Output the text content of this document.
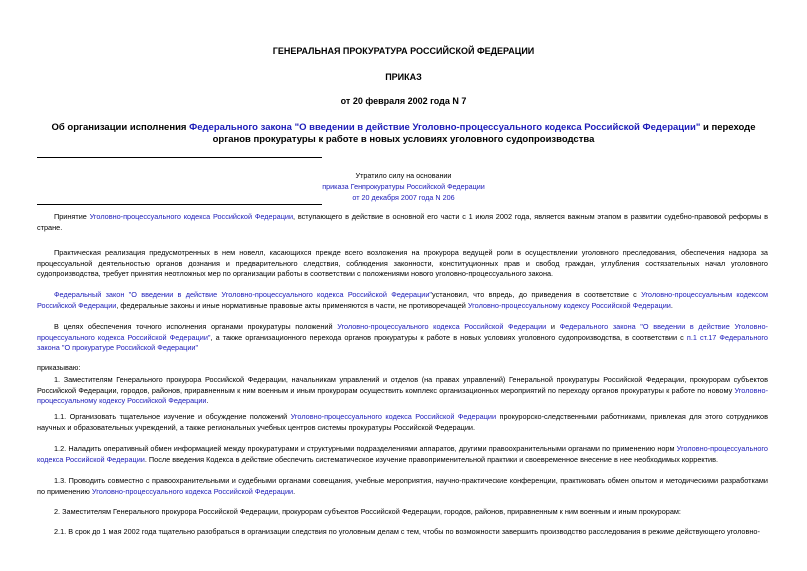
ГЕНЕРАЛЬНАЯ ПРОКУРАТУРА РОССИЙСКОЙ ФЕДЕРАЦИИ
ПРИКАЗ
от 20 февраля 2002 года N 7
Об организации исполнения Федерального закона "О введении в действие Уголовно-процессуального кодекса Российской Федерации" и переходе органов прокуратуры к работе в новых условиях уголовного судопроизводства
Утратило силу на основании
приказа Генпрокуратуры Российской Федерации
от 20 декабря 2007 года N 206

Принятие Уголовно-процессуального кодекса Российской Федерации, вступающего в действие в основной его части с 1 июля 2002 года, является важным этапом в развитии судебно-правовой реформы в стране.

Практическая реализация предусмотренных в нем новелл, касающихся прежде всего возложения на прокурора ведущей роли в осуществлении уголовного преследования, обеспечения надзора за процессуальной деятельностью органов дознания и предварительного следствия, соблюдения законности, конституционных прав и свобод граждан, углубления состязательных начал уголовного судопроизводства, требует принятия неотложных мер по организации работы в соответствии с положениями нового уголовно-процессуального закона.

Федеральный закон "О введении в действие Уголовно-процессуального кодекса Российской Федерации"установил, что впредь, до приведения в соответствие с Уголовно-процессуальным кодексом Российской Федерации, федеральные законы и иные нормативные правовые акты применяются в части, не противоречащей Уголовно-процессуальному кодексу Российской Федерации.

В целях обеспечения точного исполнения органами прокуратуры положений Уголовно-процессуального кодекса Российской Федерации и Федерального закона "О введении в действие Уголовно-процессуального кодекса Российской Федерации", а также организационного перехода органов прокуратуры к работе в новых условиях уголовного судопроизводства, в соответствии с п.1 ст.17 Федерального закона "О прокуратуре Российской Федерации"

приказываю:

1. Заместителям Генерального прокурора Российской Федерации, начальникам управлений и отделов (на правах управлений) Генеральной прокуратуры Российской Федерации, прокурорам субъектов Российской Федерации, городов, районов, приравненным к ним военным и иным прокурорам осуществить комплекс организационных мероприятий по переходу органов прокуратуры к работе по новому Уголовно-процессуальному кодексу Российской Федерации.

1.1. Организовать тщательное изучение и обсуждение положений Уголовно-процессуального кодекса Российской Федерации прокурорско-следственными работниками, привлекая для этого сотрудников научных и образовательных учреждений, а также региональных учебных центров системы прокуратуры Российской Федерации.

1.2. Наладить оперативный обмен информацией между прокуратурами и структурными подразделениями аппаратов, другими правоохранительными органами по применению норм Уголовно-процессуального кодекса Российской Федерации. После введения Кодекса в действие обеспечить систематическое изучение правоприменительной практики и своевременное внесение в нее необходимых корректив.

1.3. Проводить совместно с правоохранительными и судебными органами совещания, учебные мероприятия, научно-практические конференции, практиковать обмен опытом и методическими разработками по применению Уголовно-процессуального кодекса Российской Федерации.

2. Заместителям Генерального прокурора Российской Федерации, прокурорам субъектов Российской Федерации, городов, районов, приравненным к ним военным и иным прокурорам:

2.1. В срок до 1 мая 2002 года тщательно разобраться в организации следствия по уголовным делам с тем, чтобы по возможности завершить производство расследования в режиме действующего уголовно-
